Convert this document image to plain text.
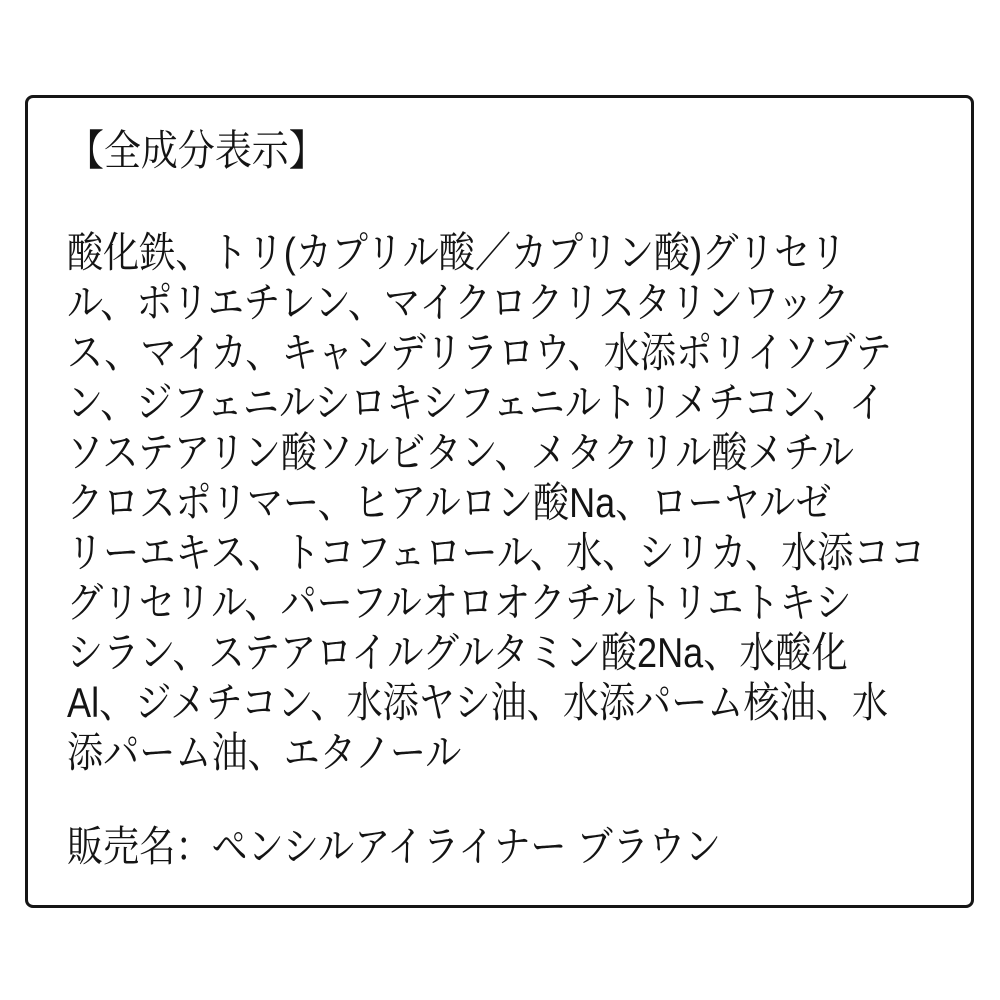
【全成分表示】
酸化鉄、トリ(カプリル酸／カプリン酸)グリセリ
ル、ポリエチレン、マイクロクリスタリンワック
ス、マイカ、キャンデリラロウ、水添ポリイソブテ
ン、ジフェニルシロキシフェニルトリメチコン、イ
ソステアリン酸ソルビタン、メタクリル酸メチル
クロスポリマー、ヒアルロン酸Na、ローヤルゼ
リーエキス、トコフェロール、水、シリカ、水添ココ
グリセリル、パーフルオロオクチルトリエトキシ
シラン、ステアロイルグルタミン酸2Na、水酸化
Al、ジメチコン、水添ヤシ油、水添パーム核油、水
添パーム油、エタノール
販売名：ペンシルアイライナー ブラウン
